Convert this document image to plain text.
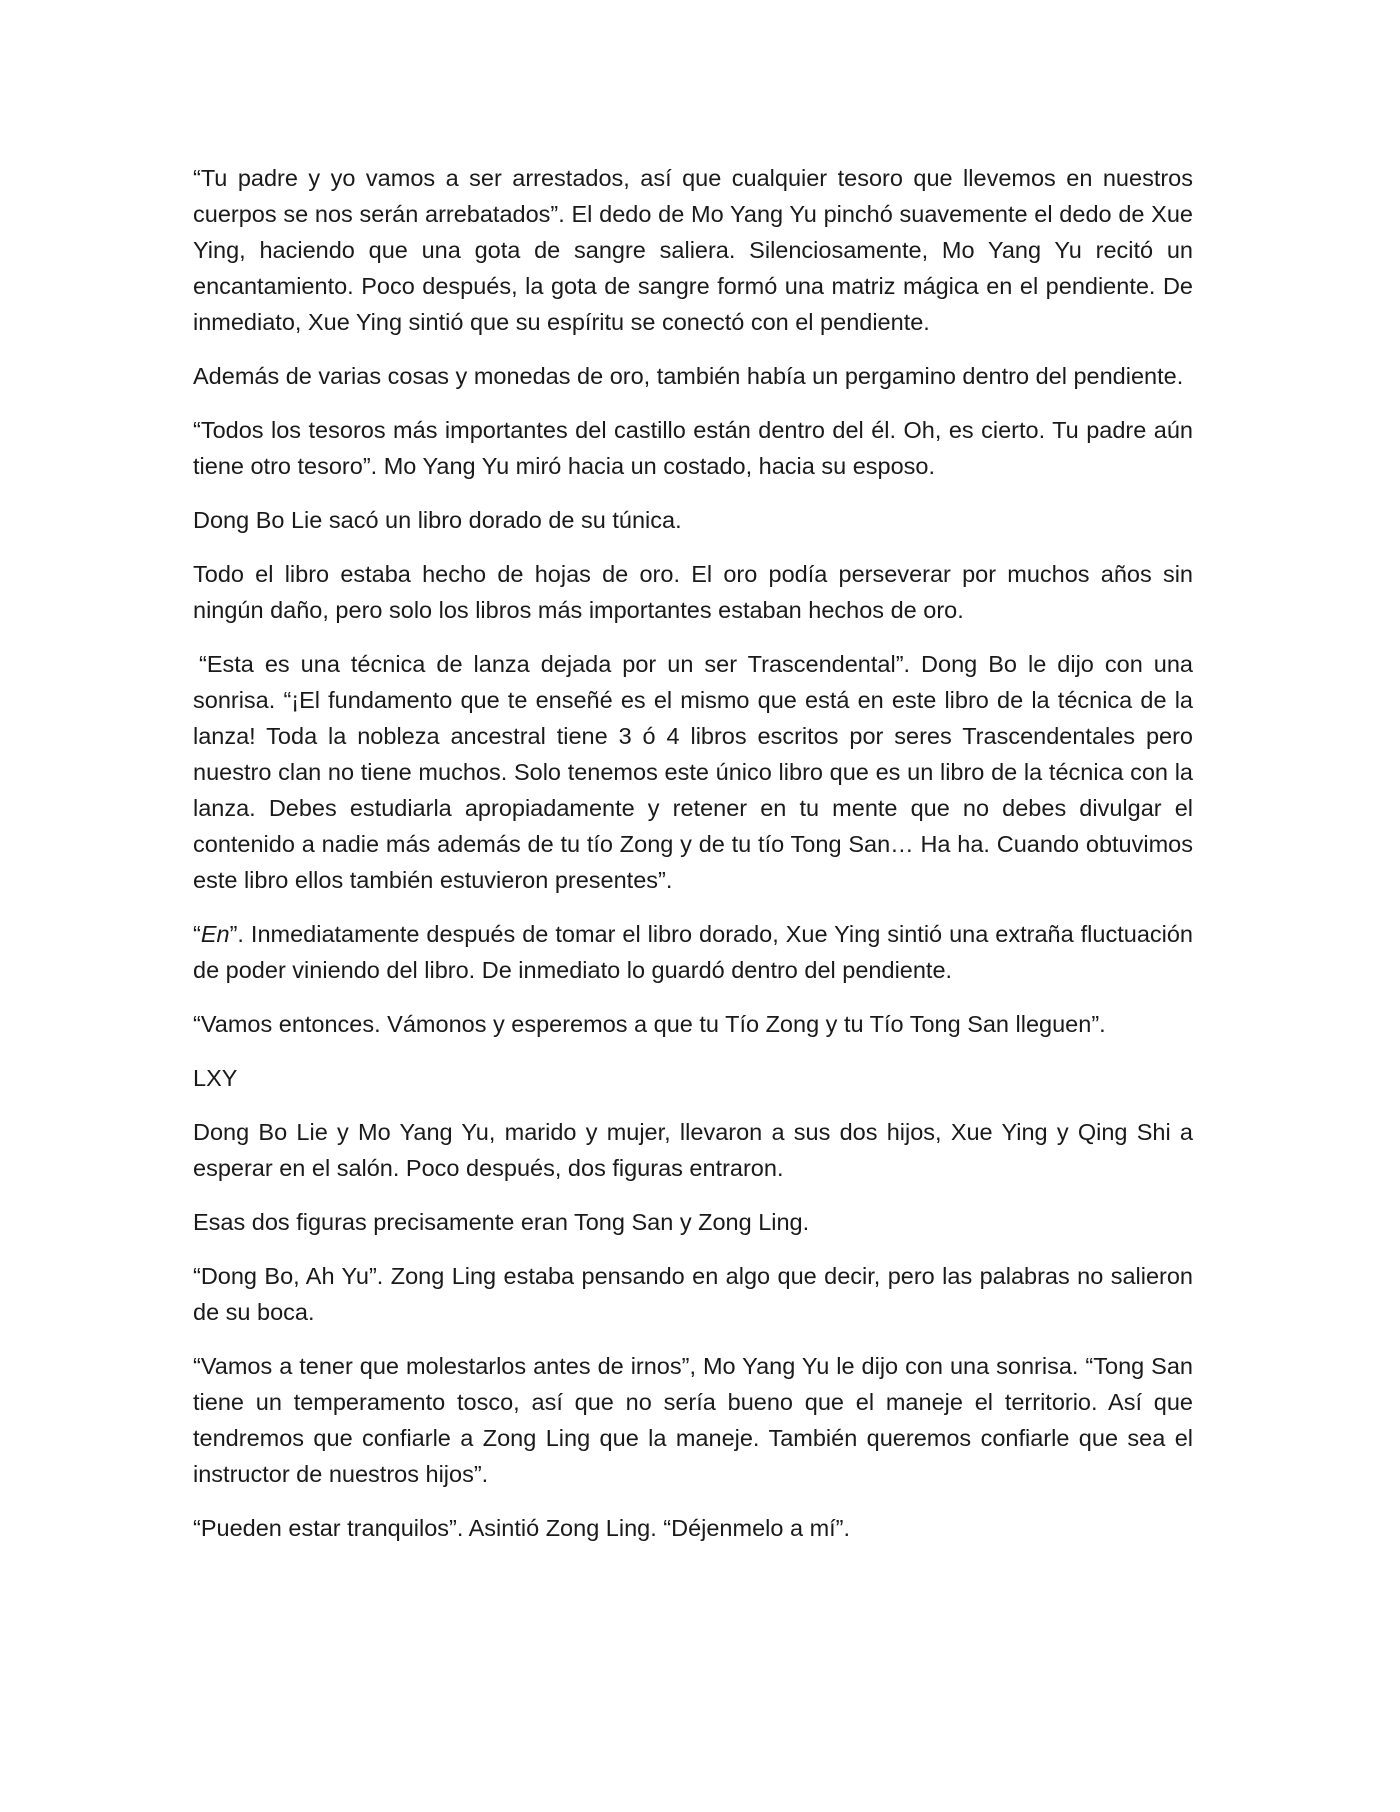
“Tu padre y yo vamos a ser arrestados, así que cualquier tesoro que llevemos en nuestros cuerpos se nos serán arrebatados”. El dedo de Mo Yang Yu pinchó suavemente el dedo de Xue Ying, haciendo que una gota de sangre saliera. Silenciosamente, Mo Yang Yu recitó un encantamiento. Poco después, la gota de sangre formó una matriz mágica en el pendiente. De inmediato, Xue Ying sintió que su espíritu se conectó con el pendiente.

Además de varias cosas y monedas de oro, también había un pergamino dentro del pendiente.

“Todos los tesoros más importantes del castillo están dentro del él. Oh, es cierto. Tu padre aún tiene otro tesoro”. Mo Yang Yu miró hacia un costado, hacia su esposo.

Dong Bo Lie sacó un libro dorado de su túnica.

Todo el libro estaba hecho de hojas de oro. El oro podía perseverar por muchos años sin ningún daño, pero solo los libros más importantes estaban hechos de oro.

“Esta es una técnica de lanza dejada por un ser Trascendental”. Dong Bo le dijo con una sonrisa. “¡El fundamento que te enseñé es el mismo que está en este libro de la técnica de la lanza! Toda la nobleza ancestral tiene 3 ó 4 libros escritos por seres Trascendentales pero nuestro clan no tiene muchos. Solo tenemos este único libro que es un libro de la técnica con la lanza. Debes estudiarla apropiadamente y retener en tu mente que no debes divulgar el contenido a nadie más además de tu tío Zong y de tu tío Tong San… Ha ha. Cuando obtuvimos este libro ellos también estuvieron presentes”.

“En”. Inmediatamente después de tomar el libro dorado, Xue Ying sintió una extraña fluctuación de poder viniendo del libro. De inmediato lo guardó dentro del pendiente.

“Vamos entonces. Vámonos y esperemos a que tu Tío Zong y tu Tío Tong San lleguen”.

LXY

Dong Bo Lie y Mo Yang Yu, marido y mujer, llevaron a sus dos hijos, Xue Ying y Qing Shi a esperar en el salón. Poco después, dos figuras entraron.

Esas dos figuras precisamente eran Tong San y Zong Ling.

“Dong Bo, Ah Yu”. Zong Ling estaba pensando en algo que decir, pero las palabras no salieron de su boca.

“Vamos a tener que molestarlos antes de irnos”, Mo Yang Yu le dijo con una sonrisa. “Tong San tiene un temperamento tosco, así que no sería bueno que el maneje el territorio. Así que tendremos que confiarle a Zong Ling que la maneje. También queremos confiarle que sea el instructor de nuestros hijos”.

“Pueden estar tranquilos”. Asintió Zong Ling. “Déjenmelo a mí”.
